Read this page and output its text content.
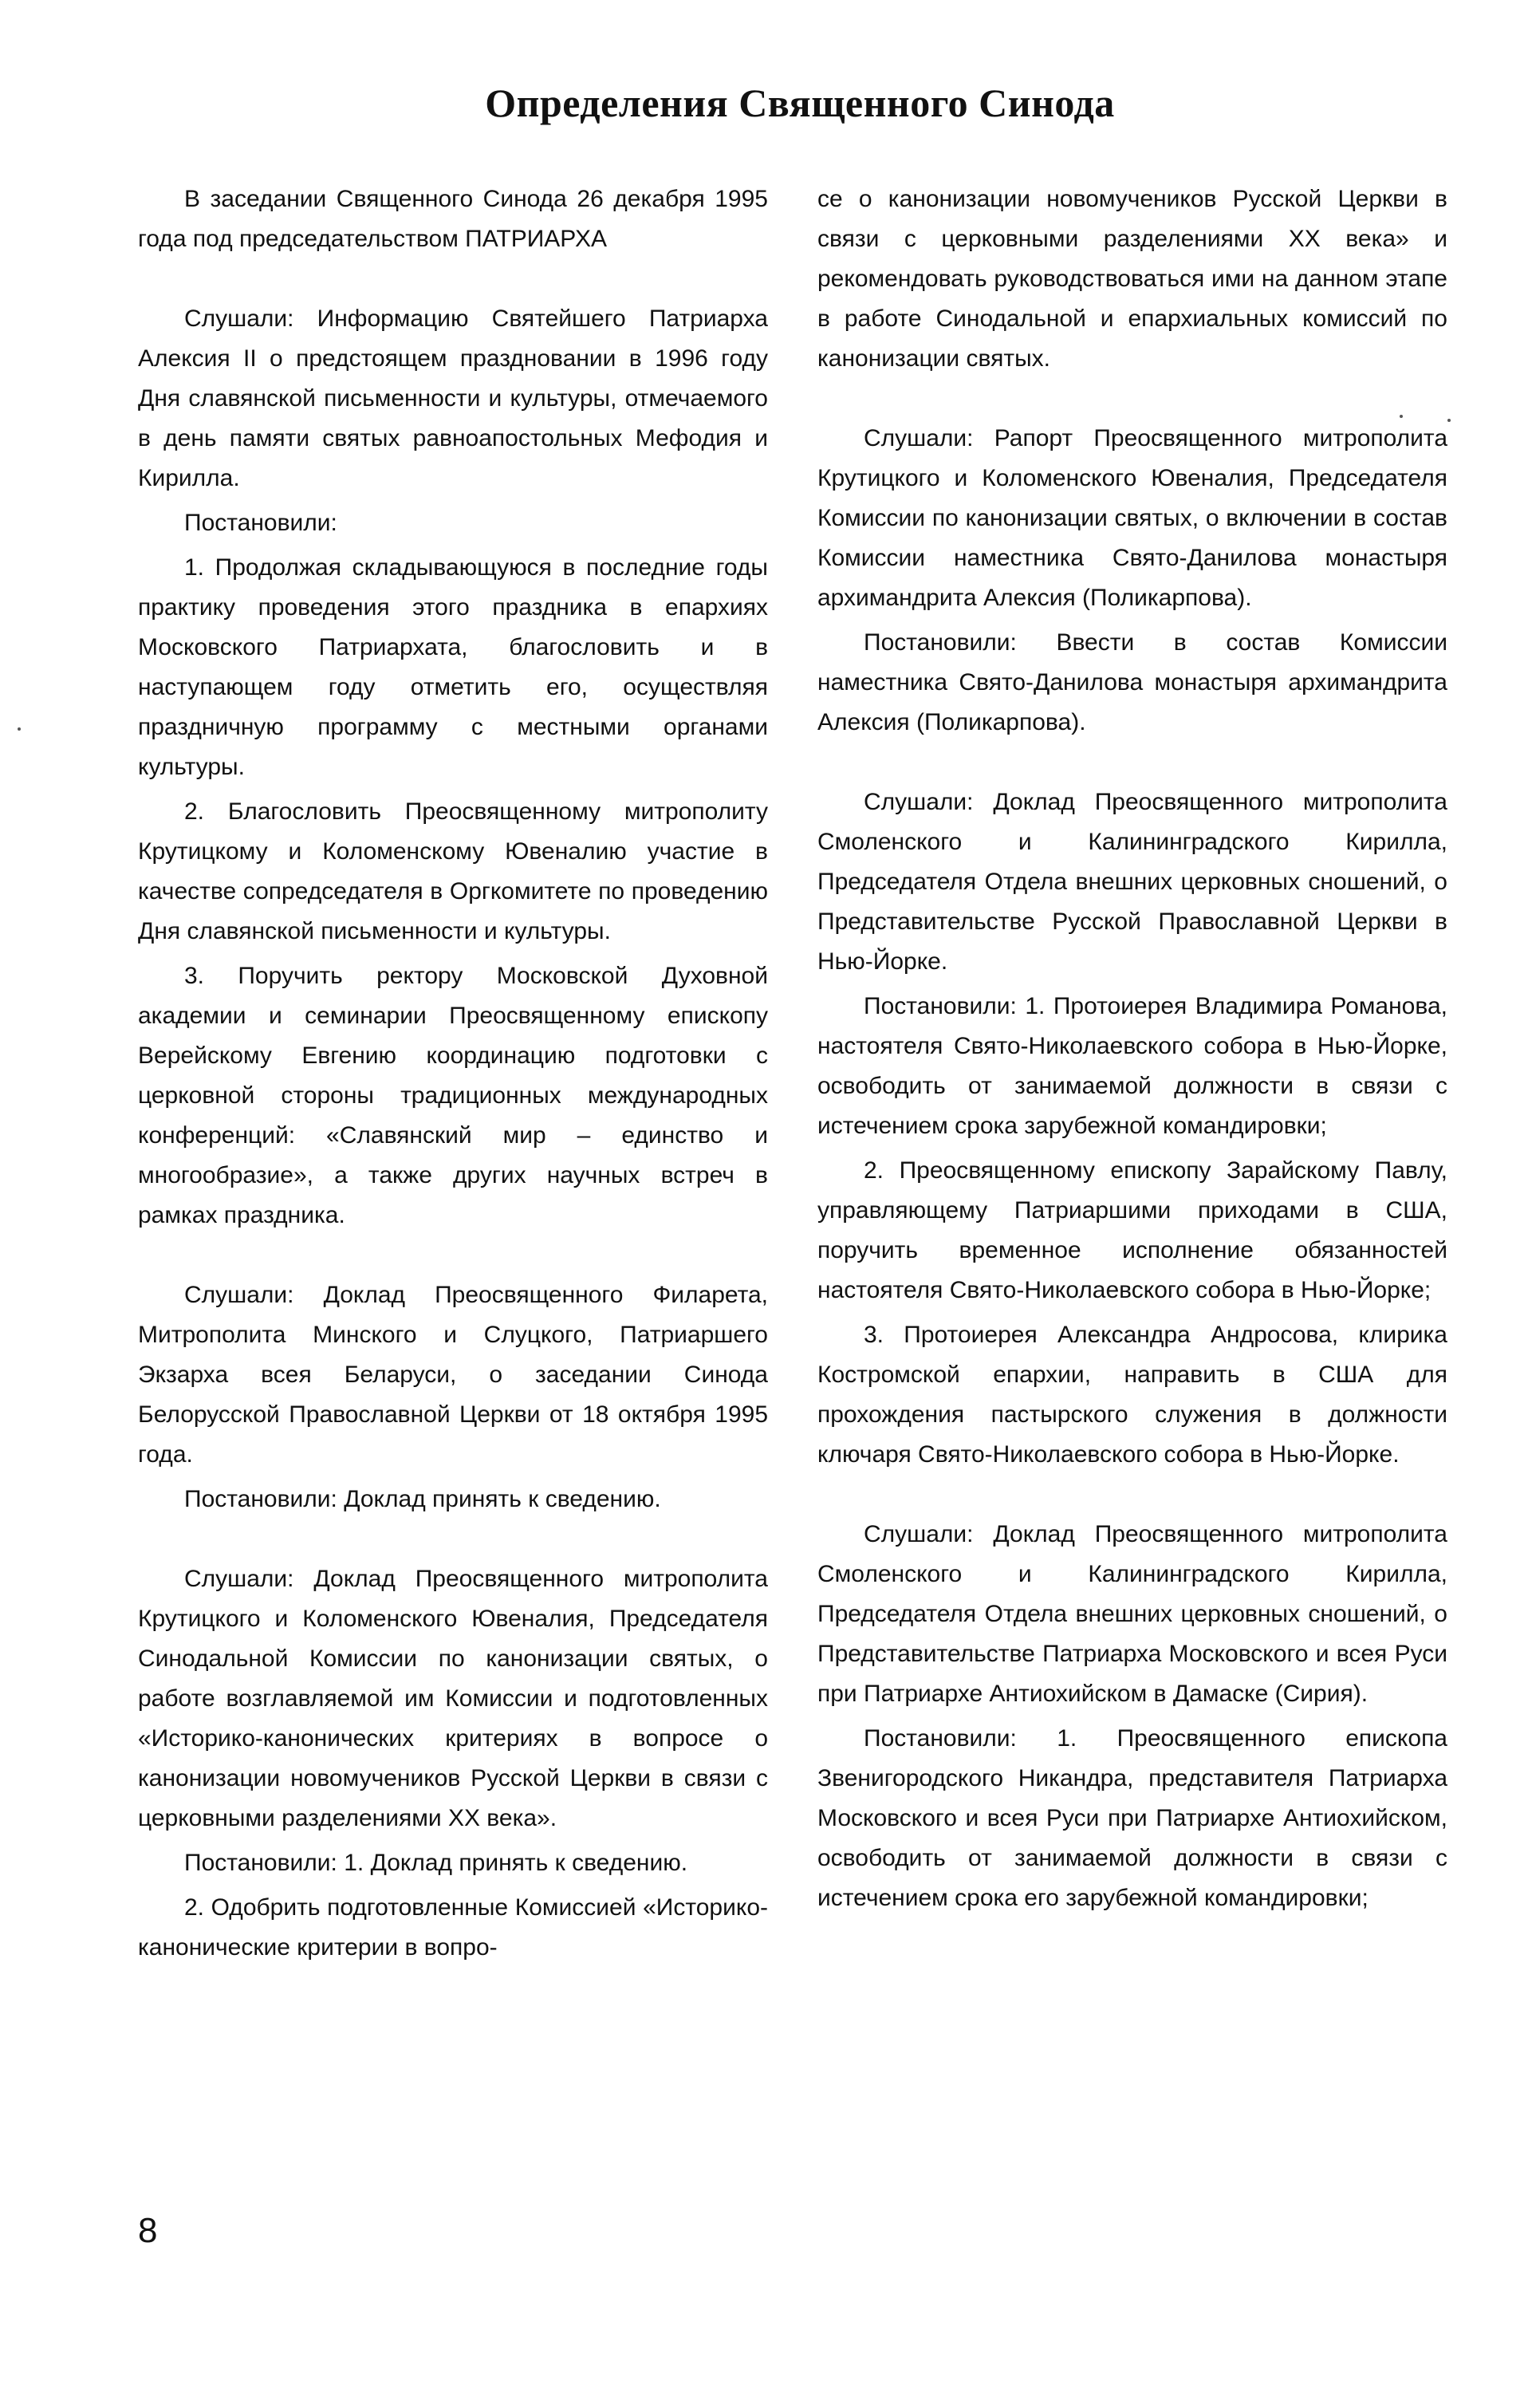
Определения Священного Синода

В заседании Священного Синода 26 декабря 1995 года под председательством ПАТРИАРХА

Слушали: Информацию Святейшего Патриарха Алексия II о предстоящем праздновании в 1996 году Дня славянской письменности и культуры, отмечаемого в день памяти святых равноапостольных Мефодия и Кирилла.

Постановили:

1. Продолжая складывающуюся в последние годы практику проведения этого праздника в епархиях Московского Патриархата, благословить и в наступающем году отметить его, осуществляя праздничную программу с местными органами культуры.

2. Благословить Преосвященному митрополиту Крутицкому и Коломенскому Ювеналию участие в качестве сопредседателя в Оргкомитете по проведению Дня славянской письменности и культуры.

3. Поручить ректору Московской Духовной академии и семинарии Преосвященному епископу Верейскому Евгению координацию подготовки с церковной стороны традиционных международных конференций: «Славянский мир – единство и многообразие», а также других научных встреч в рамках праздника.

Слушали: Доклад Преосвященного Филарета, Митрополита Минского и Слуцкого, Патриаршего Экзарха всея Беларуси, о заседании Синода Белорусской Православной Церкви от 18 октября 1995 года.

Постановили: Доклад принять к сведению.

Слушали: Доклад Преосвященного митрополита Крутицкого и Коломенского Ювеналия, Председателя Синодальной Комиссии по канонизации святых, о работе возглавляемой им Комиссии и подготовленных «Историко-канонических критериях в вопросе о канонизации новомучеников Русской Церкви в связи с церковными разделениями XX века».

Постановили: 1. Доклад принять к сведению.

2. Одобрить подготовленные Комиссией «Историко-канонические критерии в вопро-

се о канонизации новомучеников Русской Церкви в связи с церковными разделениями XX века» и рекомендовать руководствоваться ими на данном этапе в работе Синодальной и епархиальных комиссий по канонизации святых.

Слушали: Рапорт Преосвященного митрополита Крутицкого и Коломенского Ювеналия, Председателя Комиссии по канонизации святых, о включении в состав Комиссии наместника Свято-Данилова монастыря архимандрита Алексия (Поликарпова).

Постановили: Ввести в состав Комиссии наместника Свято-Данилова монастыря архимандрита Алексия (Поликарпова).

Слушали: Доклад Преосвященного митрополита Смоленского и Калининградского Кирилла, Председателя Отдела внешних церковных сношений, о Представительстве Русской Православной Церкви в Нью-Йорке.

Постановили: 1. Протоиерея Владимира Романова, настоятеля Свято-Николаевского собора в Нью-Йорке, освободить от занимаемой должности в связи с истечением срока зарубежной командировки;

2. Преосвященному епископу Зарайскому Павлу, управляющему Патриаршими приходами в США, поручить временное исполнение обязанностей настоятеля Свято-Николаевского собора в Нью-Йорке;

3. Протоиерея Александра Андросова, клирика Костромской епархии, направить в США для прохождения пастырского служения в должности ключаря Свято-Николаевского собора в Нью-Йорке.

Слушали: Доклад Преосвященного митрополита Смоленского и Калининградского Кирилла, Председателя Отдела внешних церковных сношений, о Представительстве Патриарха Московского и всея Руси при Патриархе Антиохийском в Дамаске (Сирия).

Постановили: 1. Преосвященного епископа Звенигородского Никандра, представителя Патриарха Московского и всея Руси при Патриархе Антиохийском, освободить от занимаемой должности в связи с истечением срока его зарубежной командировки;

8
